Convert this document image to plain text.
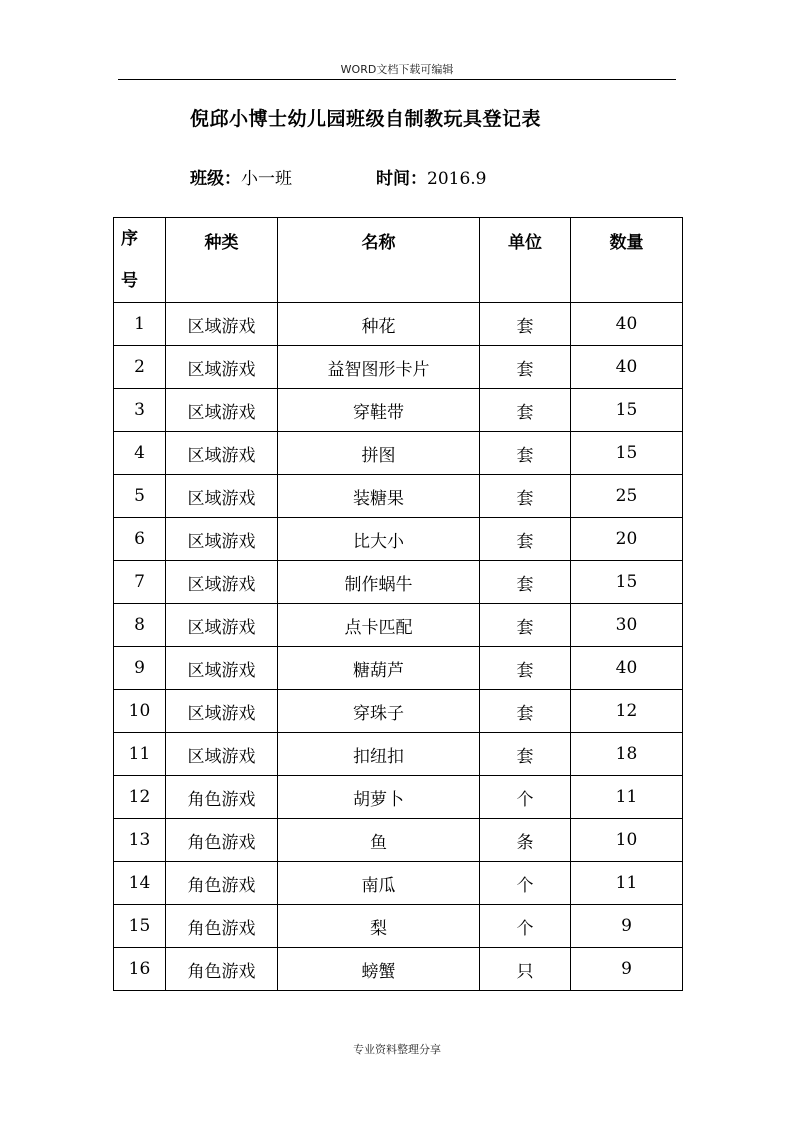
WORD文档下载可编辑
倪邱小博士幼儿园班级自制教玩具登记表
班级：小一班	时间：2016.9
序
号	种类	名称	单位	数量

1	区域游戏	种花	套	40
2	区域游戏	益智图形卡片	套	40
3	区域游戏	穿鞋带	套	15
4	区域游戏	拼图	套	15
5	区域游戏	装糖果	套	25
6	区域游戏	比大小	套	20
7	区域游戏	制作蜗牛	套	15
8	区域游戏	点卡匹配	套	30
9	区域游戏	糖葫芦	套	40
10	区域游戏	穿珠子	套	12
11	区域游戏	扣纽扣	套	18
12	角色游戏	胡萝卜	个	11
13	角色游戏	鱼	条	10
14	角色游戏	南瓜	个	11
15	角色游戏	梨	个	9
16	角色游戏	螃蟹	只	9
专业资料整理分享
